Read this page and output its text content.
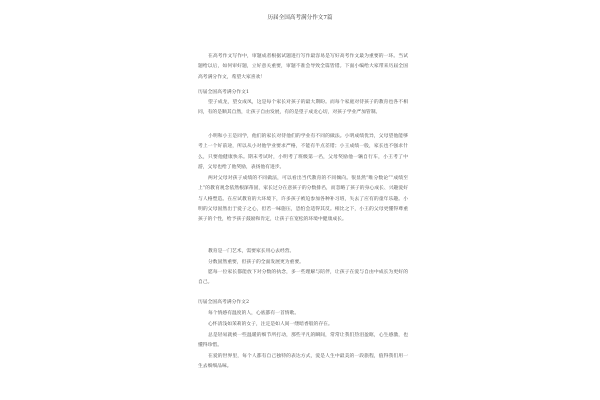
历届全国高考满分作文7篇

在高考作文写作中，审题成者根据试题进行写作最容易是写好高考作文最为重要的一环。当试题给以后，如何审好题，立好意关重要，审题不准会导致全篇皆错。下面小编给大家带来历届全国高考满分作文，希望大家喜欢！

历届全国高考满分作文1

望子成龙，望女成凤，这是每个家长对孩子的最大期盼。而每个家庭对待孩子的教育也各不相同，有的是顺其自然，让孩子自由发展，有的是望子成龙心切，对孩子学业严加管制。

小明和小王是同学，他们的家长对待他们的学业有不同的做法。小明成绩优异，父母望他能够考上一个好前途，所以从小对他学业要求严格，不能有半点差错；小王成绩一般，家长也不强求什么，只要他健康快乐。期末考试时，小明考了班级第一名，父母奖励他一辆自行车，小王考了中游，父母也给了他奖励，表扬他有进步。

两对父母对孩子成绩的不同做法，可以看出当代教育的不同倾向。很显然“唯分数论”“成绩至上”的教育观念依然根深蒂固，家长过分在意孩子的分数排名，而忽略了孩子的身心成长、兴趣爱好与人格塑造。在应试教育的大环境下，许多孩子被迫参加各种补习班，失去了应有的童年乐趣。小明的父母固然出于爱子之心，但若一味施压，恐怕会适得其反。相比之下，小王的父母更懂得尊重孩子的个性，给予孩子鼓励和肯定，让孩子在宽松的环境中健康成长。

教育是一门艺术，需要家长用心去经营。

分数固然重要，但孩子的全面发展更为重要。

愿每一位家长都能放下对分数的执念，多一些理解与陪伴，让孩子在爱与自由中成长为更好的自己。

历届全国高考满分作文2

每个情感有温度的人，心底都有一首情歌。

心怀清浅如茉莉的女子，注定是如人间一缕暗香般的存在。

总是轻易就被一些温暖的细节所打动，那些平凡的瞬间，常常让我们热泪盈眶，心生感激，也懂得珍惜。

在爱的世界里，每个人都有自己独特的表达方式，爱是人生中最美的一段旅程，值得我们用一生去细细品味。
